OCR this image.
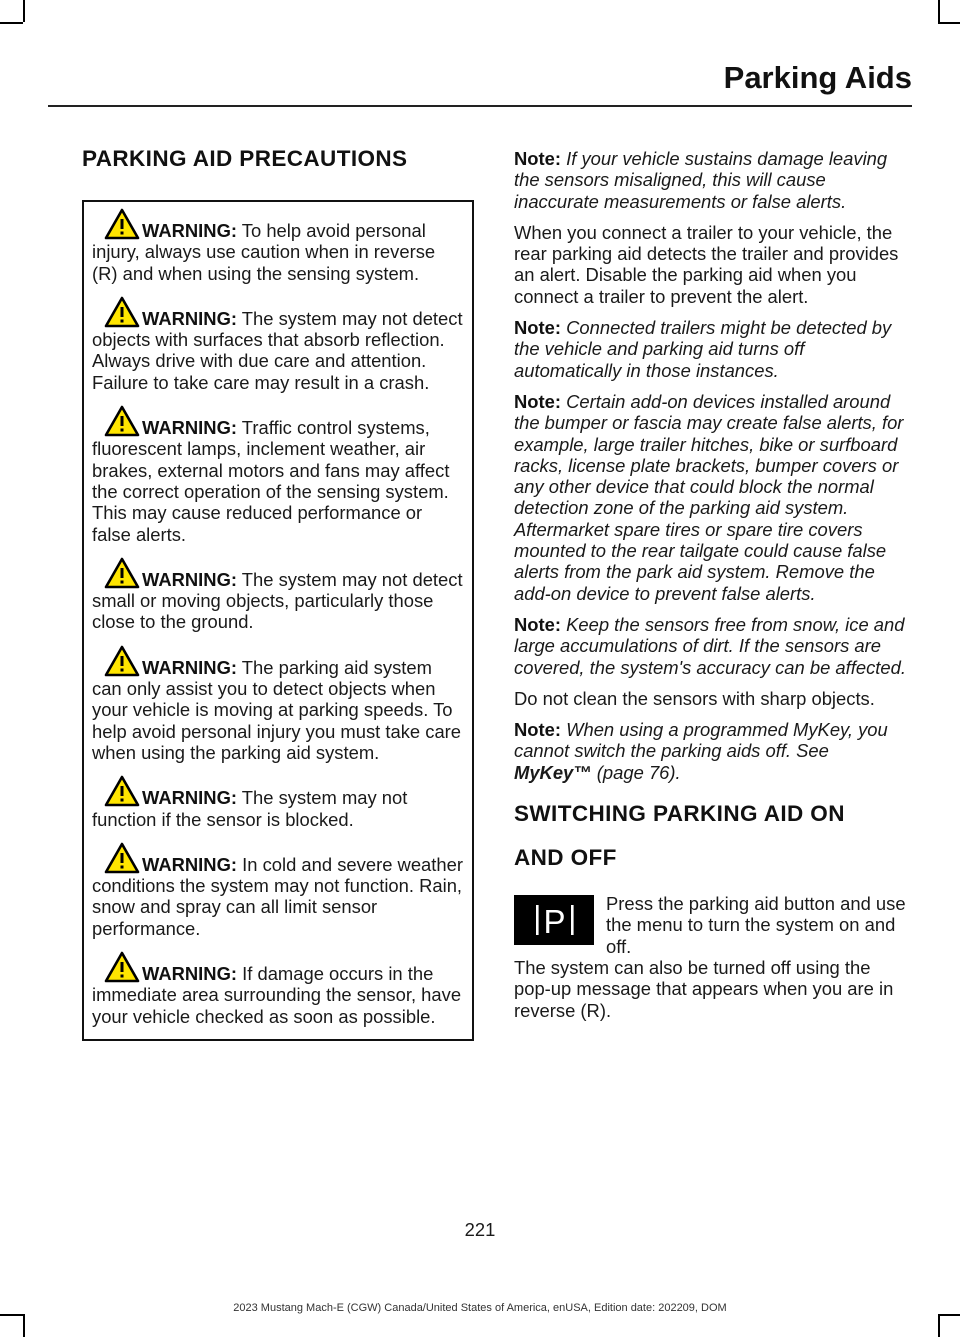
Parking Aids
PARKING AID PRECAUTIONS
WARNING: To help avoid personal injury, always use caution when in reverse (R) and when using the sensing system.
WARNING: The system may not detect objects with surfaces that absorb reflection. Always drive with due care and attention. Failure to take care may result in a crash.
WARNING: Traffic control systems, fluorescent lamps, inclement weather, air brakes, external motors and fans may affect the correct operation of the sensing system. This may cause reduced performance or false alerts.
WARNING: The system may not detect small or moving objects, particularly those close to the ground.
WARNING: The parking aid system can only assist you to detect objects when your vehicle is moving at parking speeds. To help avoid personal injury you must take care when using the parking aid system.
WARNING: The system may not function if the sensor is blocked.
WARNING: In cold and severe weather conditions the system may not function. Rain, snow and spray can all limit sensor performance.
WARNING: If damage occurs in the immediate area surrounding the sensor, have your vehicle checked as soon as possible.

Note: If your vehicle sustains damage leaving the sensors misaligned, this will cause inaccurate measurements or false alerts.

When you connect a trailer to your vehicle, the rear parking aid detects the trailer and provides an alert. Disable the parking aid when you connect a trailer to prevent the alert.

Note: Connected trailers might be detected by the vehicle and parking aid turns off automatically in those instances.

Note: Certain add-on devices installed around the bumper or fascia may create false alerts, for example, large trailer hitches, bike or surfboard racks, license plate brackets, bumper covers or any other device that could block the normal detection zone of the parking aid system. Aftermarket spare tires or spare tire covers mounted to the rear tailgate could cause false alerts from the park aid system. Remove the add-on device to prevent false alerts.

Note: Keep the sensors free from snow, ice and large accumulations of dirt. If the sensors are covered, the system's accuracy can be affected.

Do not clean the sensors with sharp objects.

Note: When using a programmed MyKey, you cannot switch the parking aids off. See MyKey™ (page 76).

SWITCHING PARKING AID ON
AND OFF
P Press the parking aid button and use the menu to turn the system on and off.

The system can also be turned off using the pop-up message that appears when you are in reverse (R).

221
2023 Mustang Mach-E (CGW) Canada/United States of America, enUSA, Edition date: 202209, DOM
